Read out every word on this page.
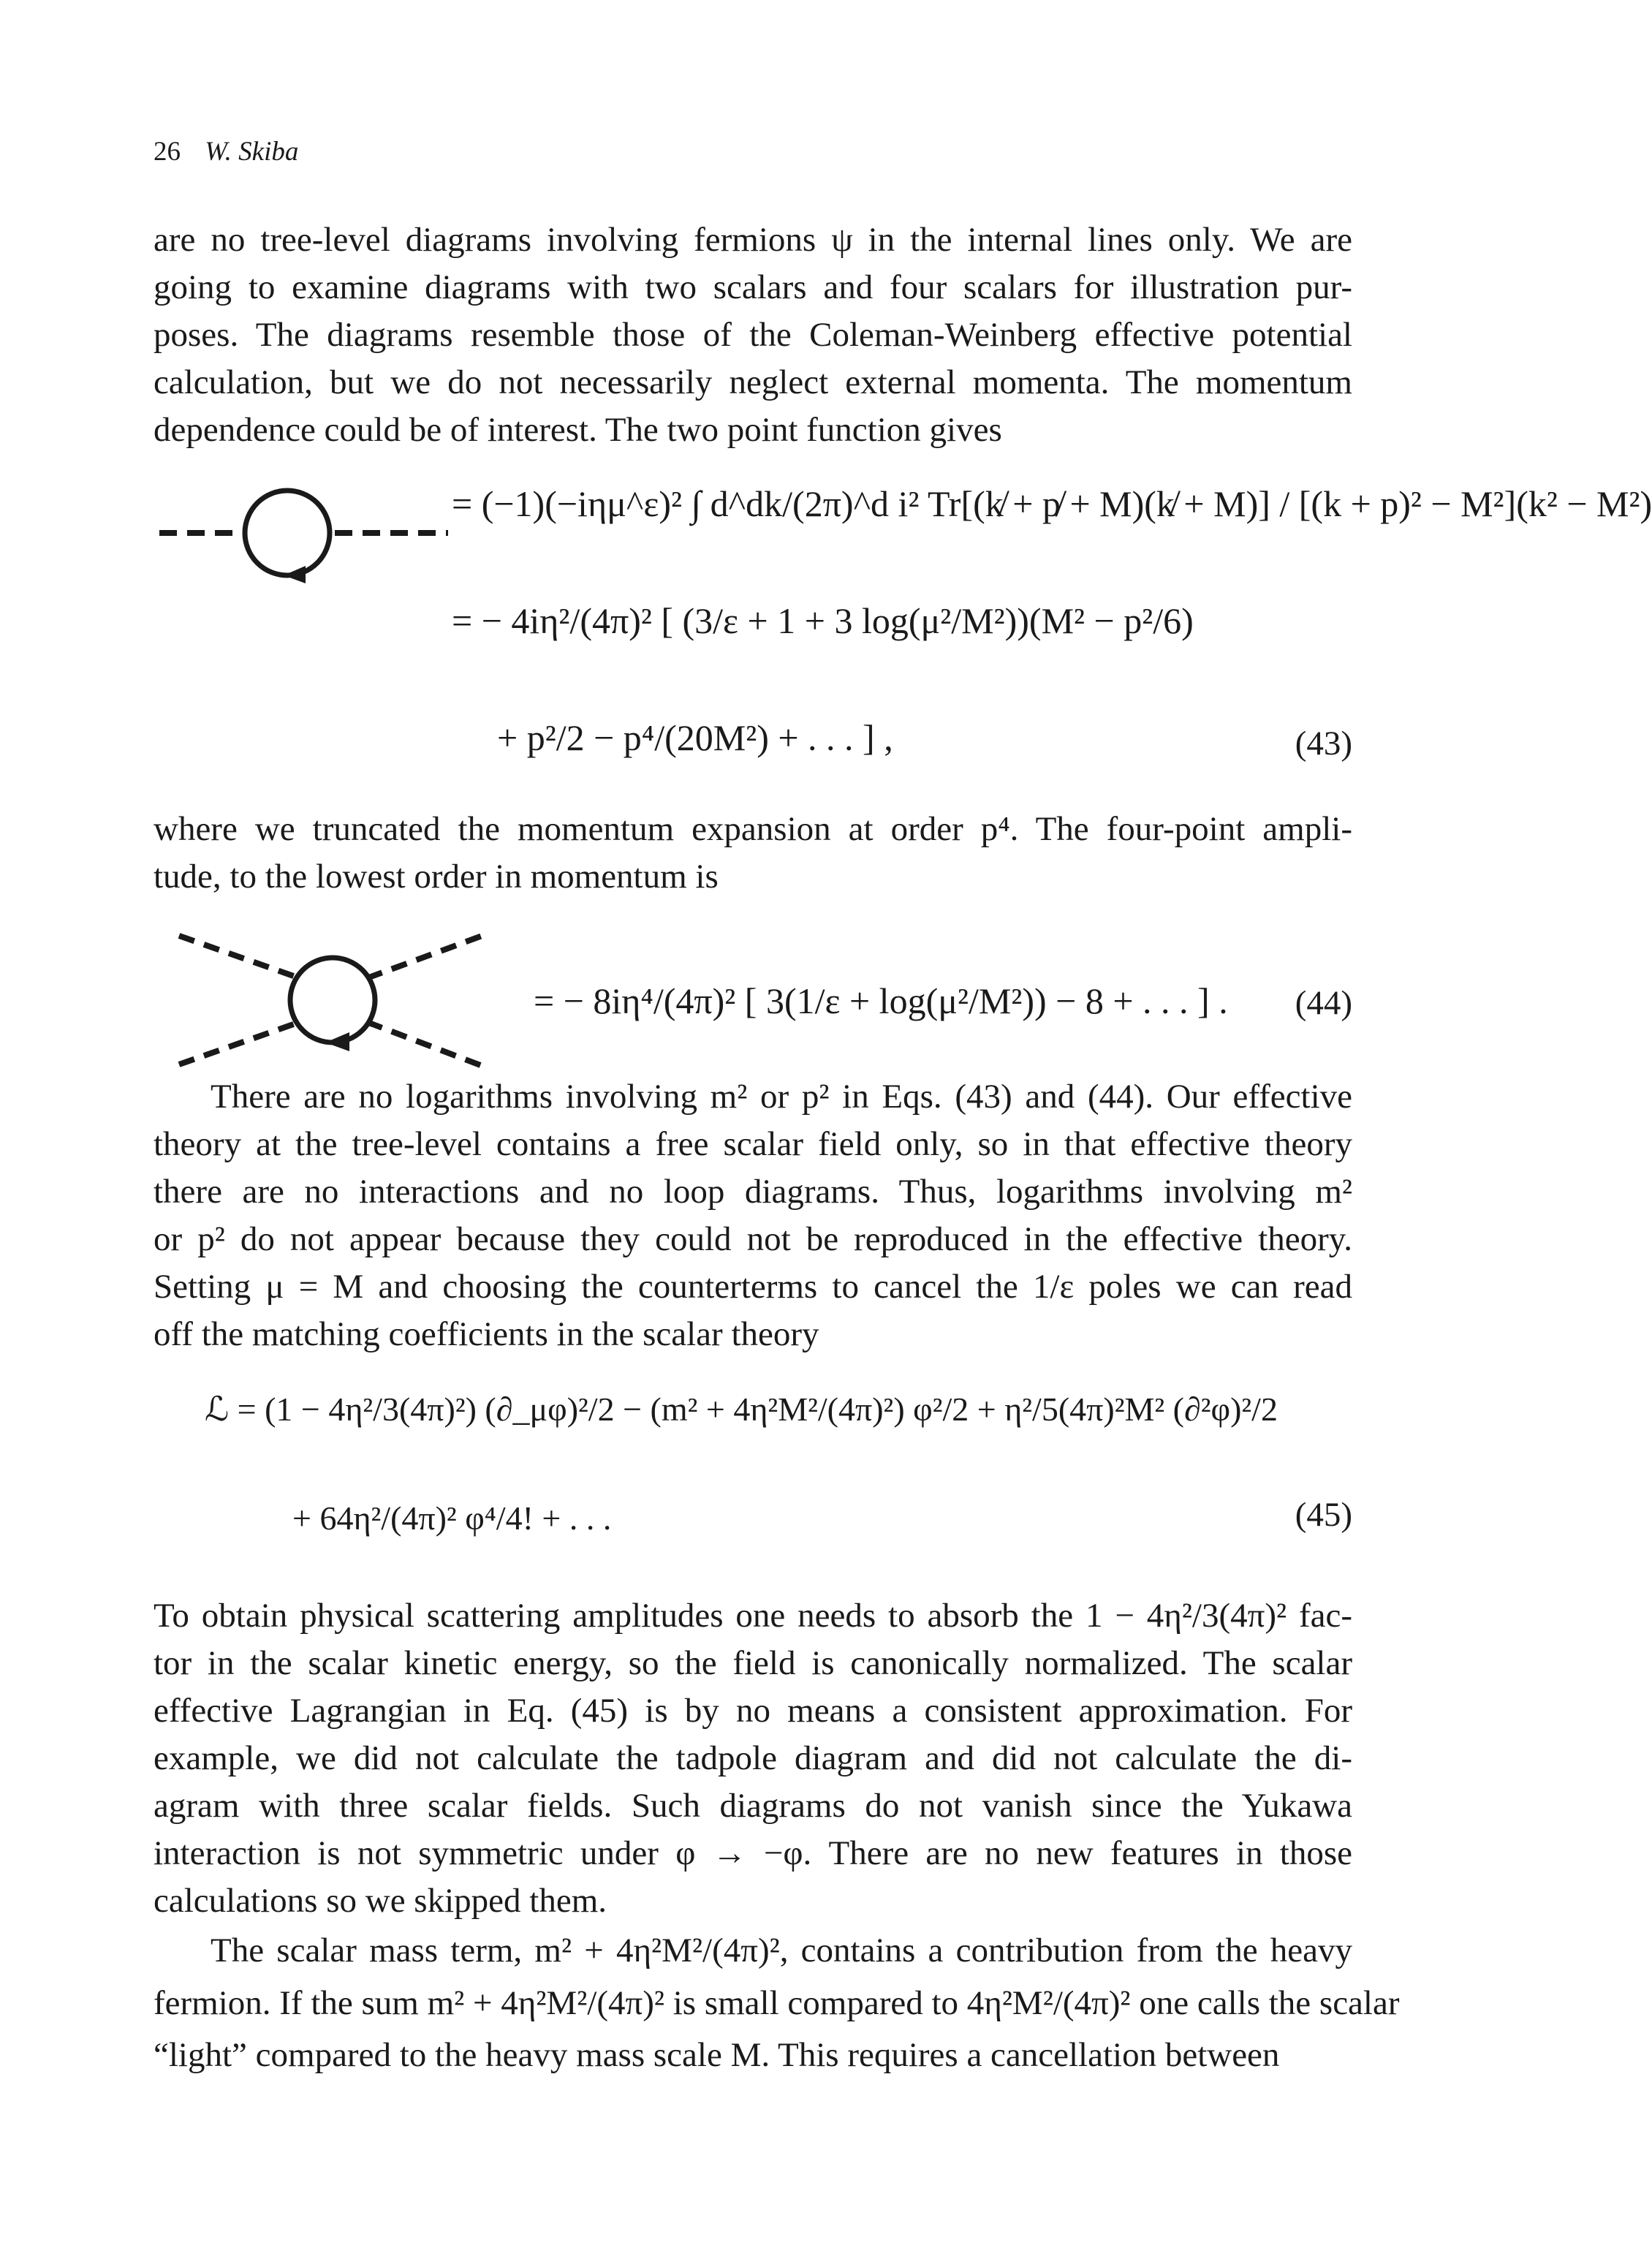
26 W. Skiba
are no tree-level diagrams involving fermions ψ in the internal lines only. We are
going to examine diagrams with two scalars and four scalars for illustration pur-
poses. The diagrams resemble those of the Coleman-Weinberg effective potential
calculation, but we do not necessarily neglect external momenta. The momentum
dependence could be of interest. The two point function gives
= (−1)(−iημ^ε)² ∫ d^dk/(2π)^d i² Tr[(k̸ + p̸ + M)(k̸ + M)] / [(k + p)² − M²](k² − M²)
= − 4iη²/(4π)² [ (3/ε + 1 + 3 log(μ²/M²))(M² − p²/6)
+ p²/2 − p⁴/(20M²) + . . . ] ,	(43)
where we truncated the momentum expansion at order p⁴. The four-point ampli-
tude, to the lowest order in momentum is
= − 8iη⁴/(4π)² [ 3(1/ε + log(μ²/M²)) − 8 + . . . ] . (44)
There are no logarithms involving m² or p² in Eqs. (43) and (44). Our effective
theory at the tree-level contains a free scalar field only, so in that effective theory
there are no interactions and no loop diagrams. Thus, logarithms involving m²
or p² do not appear because they could not be reproduced in the effective theory.
Setting μ = M and choosing the counterterms to cancel the 1/ε poles we can read
off the matching coefficients in the scalar theory
ℒ = (1 − 4η²/3(4π)²) (∂_μφ)²/2 − (m² + 4η²M²/(4π)²) φ²/2 + η²/5(4π)²M² (∂²φ)²/2
+ 64η²/(4π)² φ⁴/4! + . . .	(45)
To obtain physical scattering amplitudes one needs to absorb the 1 − 4η²/3(4π)² fac-
tor in the scalar kinetic energy, so the field is canonically normalized. The scalar
effective Lagrangian in Eq. (45) is by no means a consistent approximation. For
example, we did not calculate the tadpole diagram and did not calculate the di-
agram with three scalar fields. Such diagrams do not vanish since the Yukawa
interaction is not symmetric under φ → −φ. There are no new features in those
calculations so we skipped them.
The scalar mass term, m² + 4η²M²/(4π)², contains a contribution from the heavy
fermion. If the sum m² + 4η²M²/(4π)² is small compared to 4η²M²/(4π)² one calls the scalar
“light” compared to the heavy mass scale M. This requires a cancellation between
